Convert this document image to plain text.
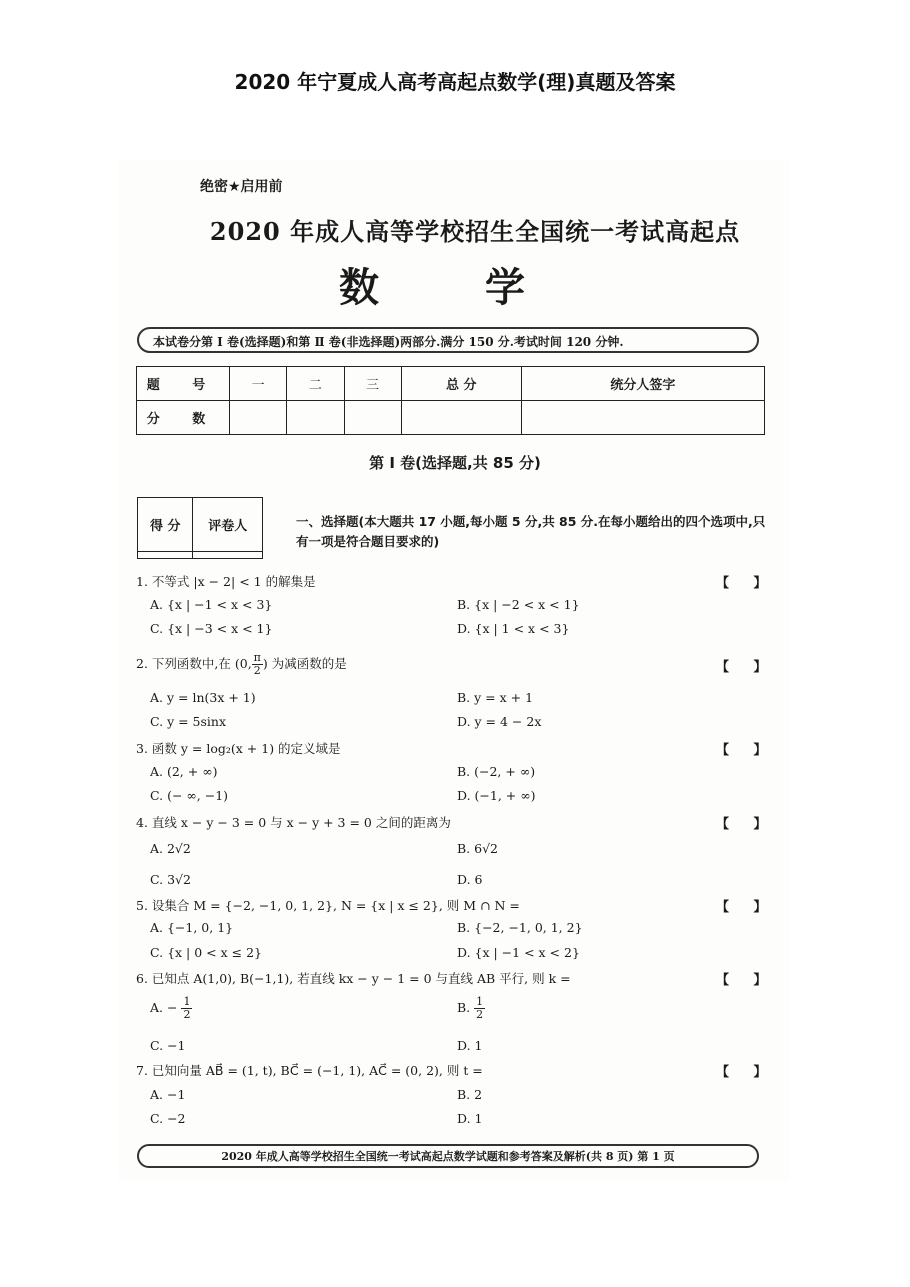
2020 年宁夏成人高考高起点数学(理)真题及答案
绝密★启用前
2020 年成人高等学校招生全国统一考试高起点
数 学
本试卷分第 Ⅰ 卷(选择题)和第 Ⅱ 卷(非选择题)两部分.满分 150 分.考试时间 120 分钟.
题 号	一	二	三	总 分	统分人签字
分 数					
第 Ⅰ 卷(选择题,共 85 分)
得 分	评卷人
		一、选择题(本大题共 17 小题,每小题 5 分,共 85 分.在每小题给出的四个选项中,只有一项是符合题目要求的)
1. 不等式 |x − 2| < 1 的解集是	【 】
A. {x | −1 < x < 3}	B. {x | −2 < x < 1}
C. {x | −3 < x < 1}	D. {x | 1 < x < 3}
2. 下列函数中,在 (0, $\frac{\pi}{2}$ ) 为减函数的是	【 】
A. y = ln(3x + 1)	B. y = x + 1
C. y = 5sinx	D. y = 4 − 2x
3. 函数 y = log₂(x + 1) 的定义域是	【 】
A. (2, + ∞)	B. (−2, + ∞)
C. (− ∞, −1)	D. (−1, + ∞)
4. 直线 x − y − 3 = 0 与 x − y + 3 = 0 之间的距离为	【 】
A. 2√2	B. 6√2
C. 3√2	D. 6
5. 设集合 M = {−2, −1, 0, 1, 2}, N = {x | x ≤ 2}, 则 M ∩ N =	【 】
A. {−1, 0, 1}	B. {−2, −1, 0, 1, 2}
C. {x | 0 < x ≤ 2}	D. {x | −1 < x < 2}
6. 已知点 A(1,0), B(−1,1), 若直线 kx − y − 1 = 0 与直线 AB 平行, 则 k =	【 】
A. − $\frac{1}{2}$	B. $\frac{1}{2}$
C. −1	D. 1
7. 已知向量 AB⃗ = (1, t), BC⃗ = (−1, 1), AC⃗ = (0, 2), 则 t =	【 】
A. −1	B. 2
C. −2	D. 1
2020 年成人高等学校招生全国统一考试高起点数学试题和参考答案及解析(共 8 页) 第 1 页
